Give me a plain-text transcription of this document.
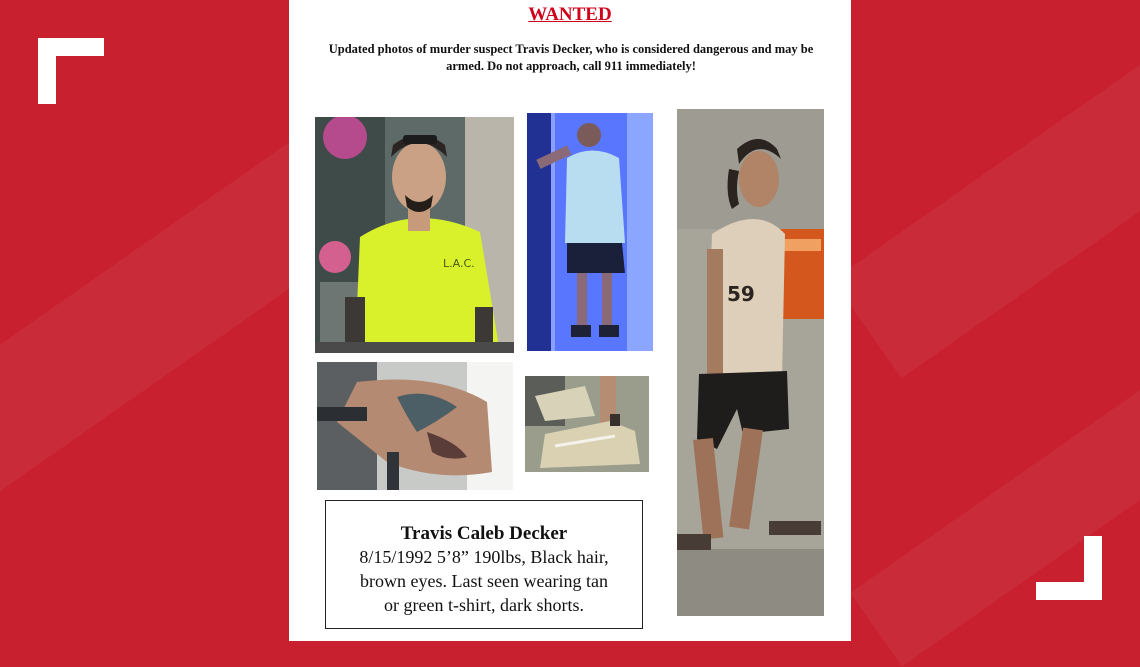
WANTED
Updated photos of murder suspect Travis Decker, who is considered dangerous and may be
armed. Do not approach, call 911 immediately!
L.A.C.
59
Travis Caleb Decker
8/15/1992 5’8” 190lbs, Black hair,
brown eyes. Last seen wearing tan
or green t-shirt, dark shorts.
